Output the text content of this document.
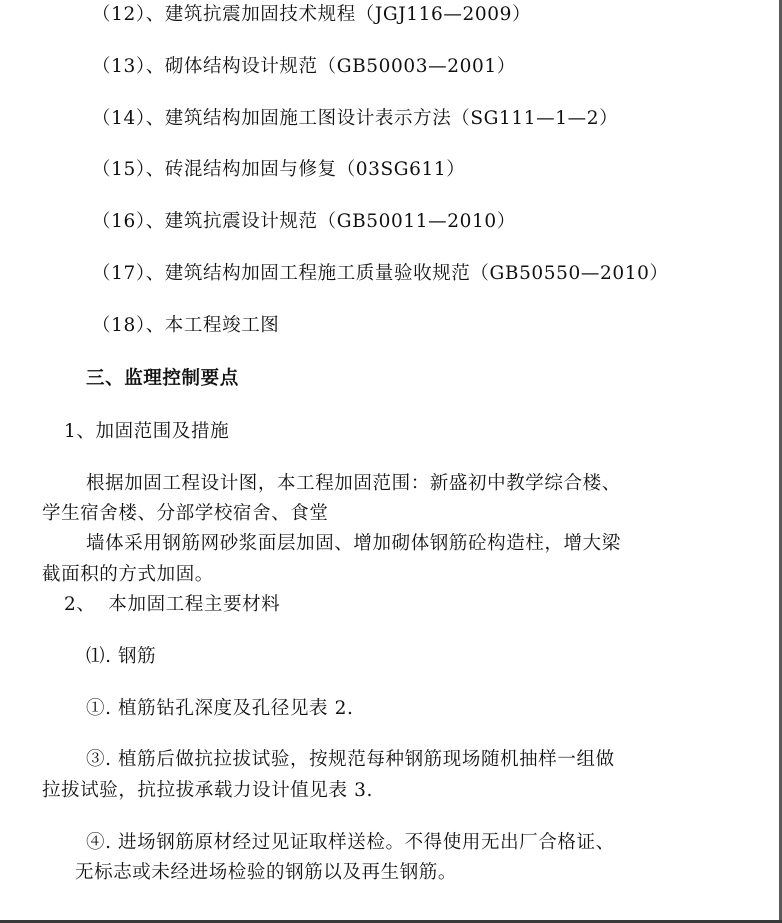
（12）、建筑抗震加固技术规程（JGJ116—2009）
（13）、砌体结构设计规范（GB50003—2001）
（14）、建筑结构加固施工图设计表示方法（SG111—1—2）
（15）、砖混结构加固与修复（03SG611）
（16）、建筑抗震设计规范（GB50011—2010）
（17）、建筑结构加固工程施工质量验收规范（GB50550—2010）
（18）、本工程竣工图
三、监理控制要点
1、加固范围及措施
根据加固工程设计图，本工程加固范围：新盛初中教学综合楼、
学生宿舍楼、分部学校宿舍、食堂
墙体采用钢筋网砂浆面层加固、增加砌体钢筋砼构造柱，增大梁
截面积的方式加固。
2、  本加固工程主要材料
⑴. 钢筋
①. 植筋钻孔深度及孔径见表 2.
③. 植筋后做抗拉拔试验，按规范每种钢筋现场随机抽样一组做
拉拔试验，抗拉拔承载力设计值见表 3.
④. 进场钢筋原材经过见证取样送检。不得使用无出厂合格证、
无标志或未经进场检验的钢筋以及再生钢筋。
